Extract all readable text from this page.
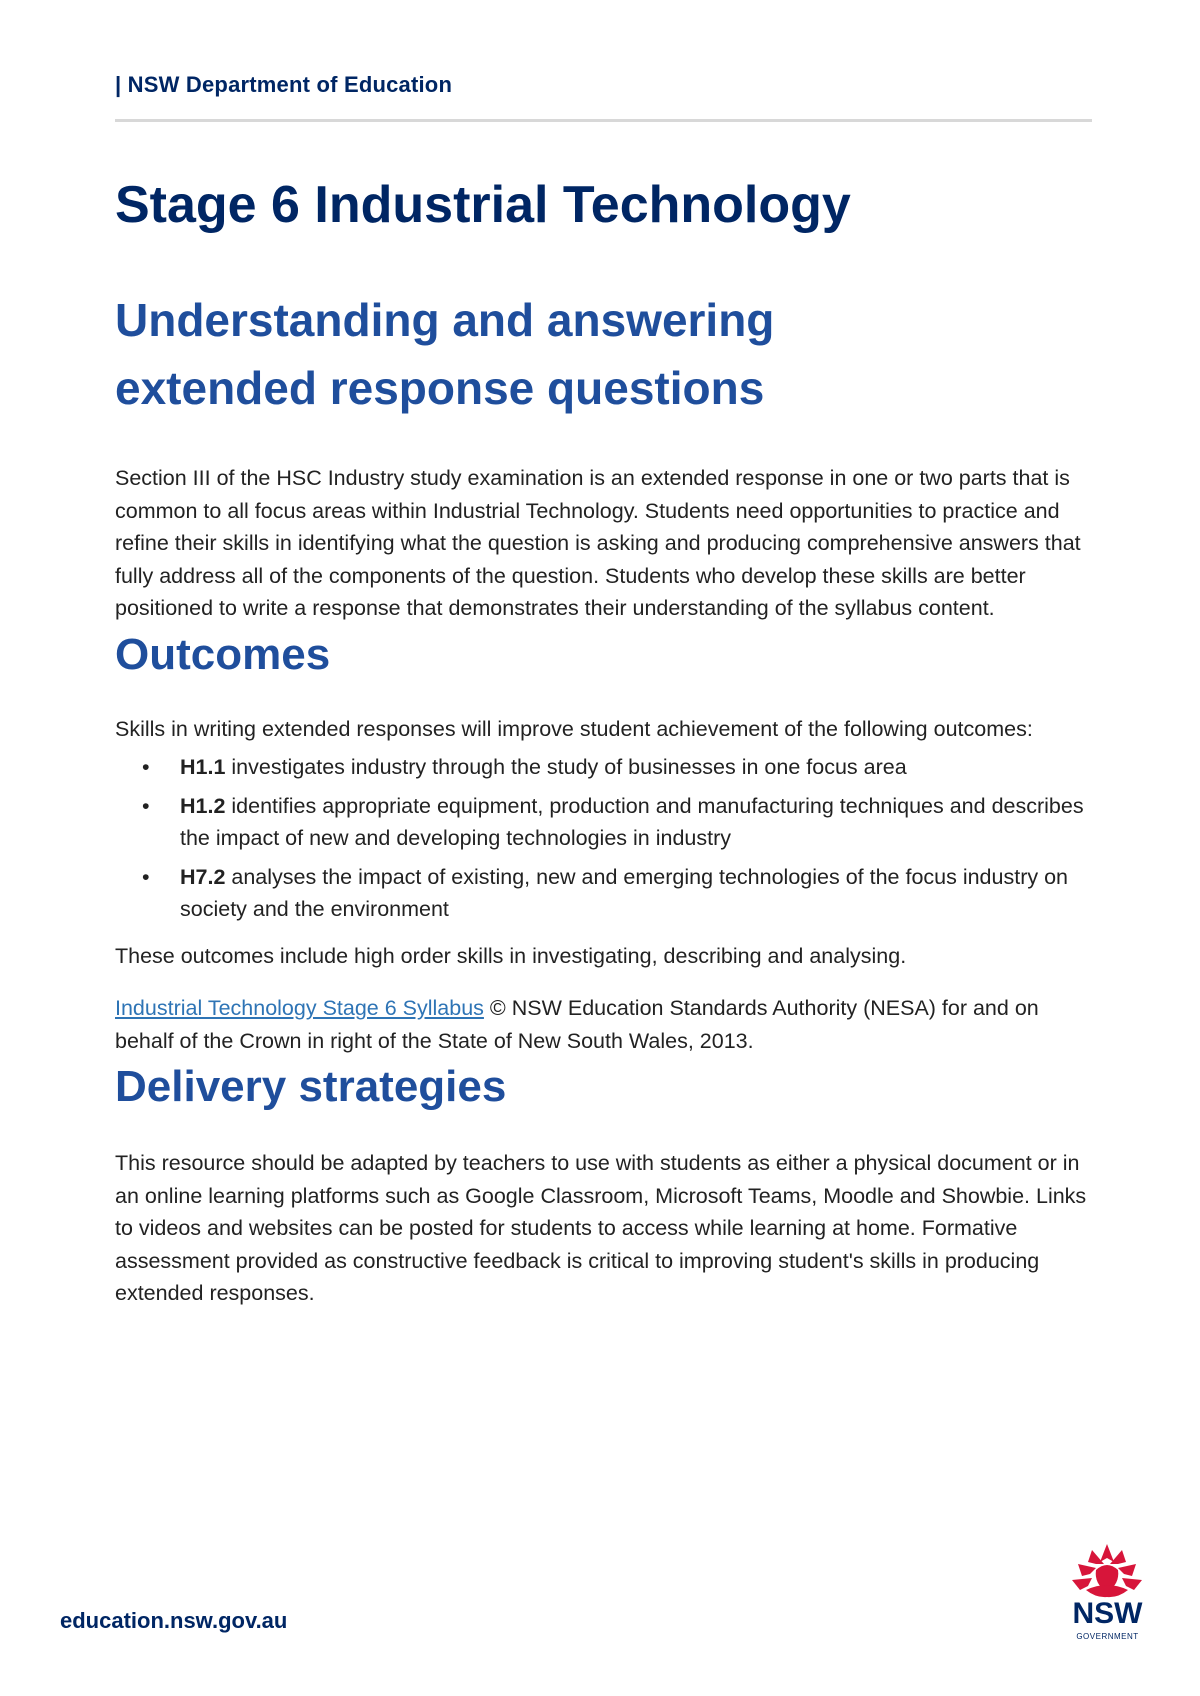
| NSW Department of Education
Stage 6 Industrial Technology
Understanding and answering
extended response questions

Section III of the HSC Industry study examination is an extended response in one or two parts that is common to all focus areas within Industrial Technology. Students need opportunities to practice and refine their skills in identifying what the question is asking and producing comprehensive answers that fully address all of the components of the question. Students who develop these skills are better positioned to write a response that demonstrates their understanding of the syllabus content.

Outcomes

Skills in writing extended responses will improve student achievement of the following outcomes:

• H1.1 investigates industry through the study of businesses in one focus area
• H1.2 identifies appropriate equipment, production and manufacturing techniques and describes the impact of new and developing technologies in industry
• H7.2 analyses the impact of existing, new and emerging technologies of the focus industry on society and the environment

These outcomes include high order skills in investigating, describing and analysing.

Industrial Technology Stage 6 Syllabus © NSW Education Standards Authority (NESA) for and on behalf of the Crown in right of the State of New South Wales, 2013.

Delivery strategies

This resource should be adapted by teachers to use with students as either a physical document or in an online learning platforms such as Google Classroom, Microsoft Teams, Moodle and Showbie. Links to videos and websites can be posted for students to access while learning at home. Formative assessment provided as constructive feedback is critical to improving student's skills in producing extended responses.

education.nsw.gov.au	NSW
GOVERNMENT
